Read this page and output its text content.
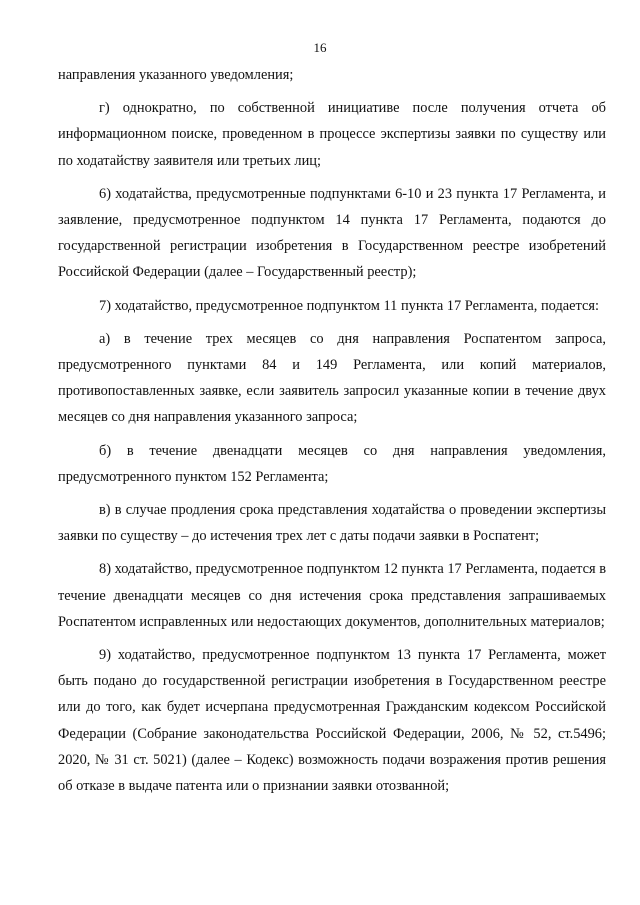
16

направления указанного уведомления;

г) однократно, по собственной инициативе после получения отчета об информационном поиске, проведенном в процессе экспертизы заявки по существу или по ходатайству заявителя или третьих лиц;

6) ходатайства, предусмотренные подпунктами 6-10 и 23 пункта 17 Регламента, и заявление, предусмотренное подпунктом 14 пункта 17 Регламента, подаются до государственной регистрации изобретения в Государственном реестре изобретений Российской Федерации (далее – Государственный реестр);

7) ходатайство, предусмотренное подпунктом 11 пункта 17 Регламента, подается:

а) в течение трех месяцев со дня направления Роспатентом запроса, предусмотренного пунктами 84 и 149 Регламента, или копий материалов, противопоставленных заявке, если заявитель запросил указанные копии в течение двух месяцев со дня направления указанного запроса;

б) в течение двенадцати месяцев со дня направления уведомления, предусмотренного пунктом 152 Регламента;

в) в случае продления срока представления ходатайства о проведении экспертизы заявки по существу – до истечения трех лет с даты подачи заявки в Роспатент;

8) ходатайство, предусмотренное подпунктом 12 пункта 17 Регламента, подается в течение двенадцати месяцев со дня истечения срока представления запрашиваемых Роспатентом исправленных или недостающих документов, дополнительных материалов;

9) ходатайство, предусмотренное подпунктом 13 пункта 17 Регламента, может быть подано до государственной регистрации изобретения в Государственном реестре или до того, как будет исчерпана предусмотренная Гражданским кодексом Российской Федерации (Собрание законодательства Российской Федерации, 2006, № 52, ст.5496; 2020, № 31 ст. 5021) (далее – Кодекс) возможность подачи возражения против решения об отказе в выдаче патента или о признании заявки отозванной;
